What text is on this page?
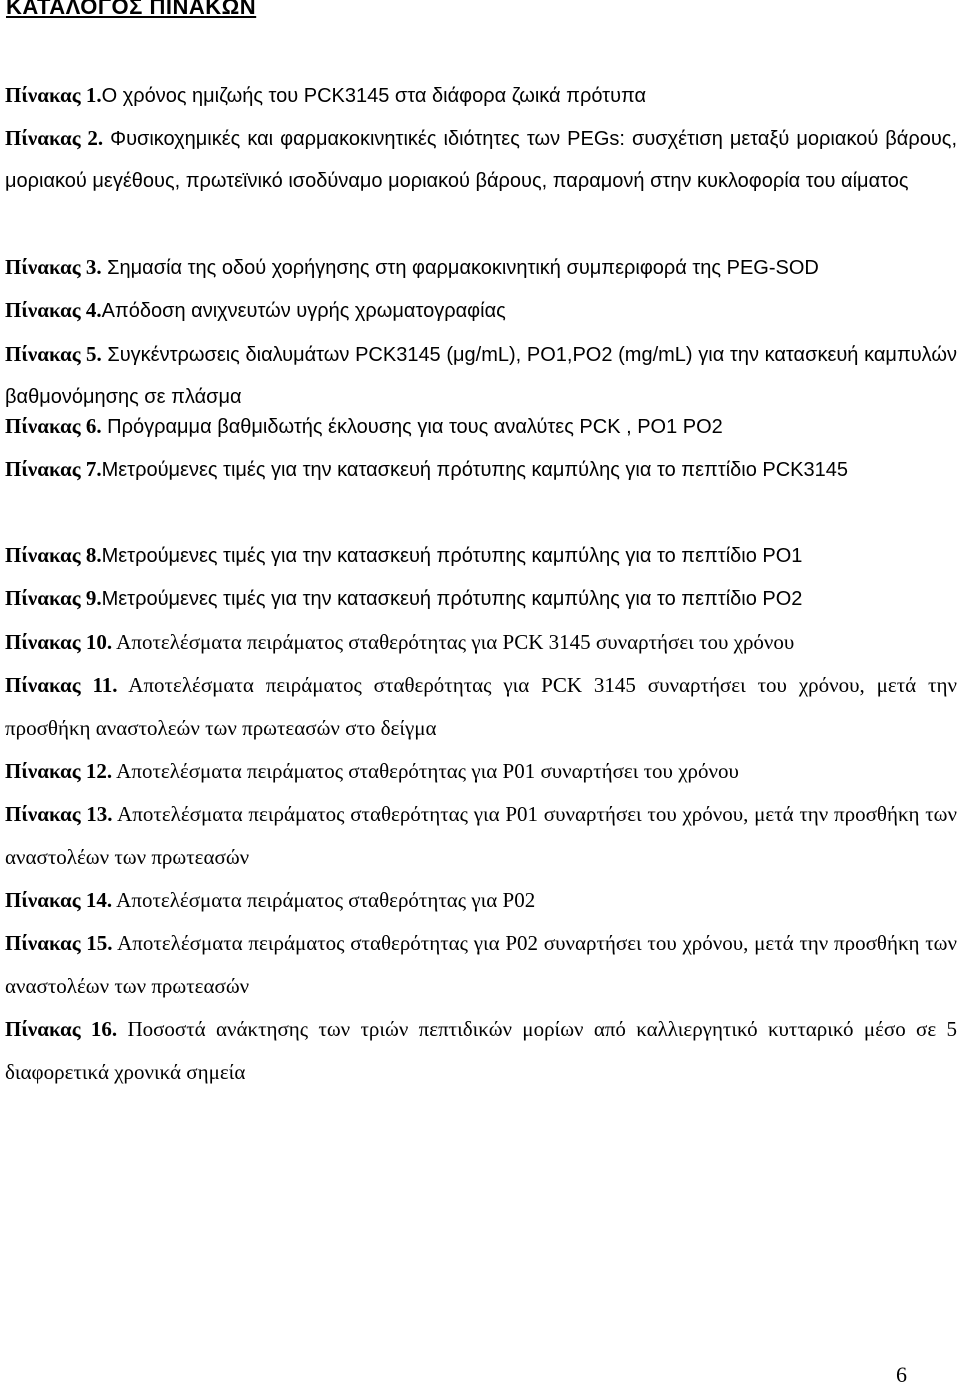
ΚΑΤΑΛΟΓΟΣ ΠΙΝΑΚΩΝ
Πίνακας 1.Ο χρόνος ημιζωής του PCK3145 στα διάφορα ζωικά πρότυπα
Πίνακας 2. Φυσικοχημικές και φαρμακοκινητικές ιδιότητες των PEGs: συσχέτιση μεταξύ μοριακού βάρους, μοριακού μεγέθους, πρωτεϊνικό ισοδύναμο μοριακού βάρους, παραμονή στην κυκλοφορία του αίματος
Πίνακας 3. Σημασία της οδού χορήγησης στη φαρμακοκινητική συμπεριφορά της PEG-SOD
Πίνακας 4.Απόδοση ανιχνευτών υγρής χρωματογραφίας
Πίνακας 5. Συγκέντρωσεις διαλυμάτων PCK3145 (μg/mL), PO1,PO2 (mg/mL) για την κατασκευή καμπυλών βαθμονόμησης σε πλάσμα
Πίνακας 6. Πρόγραμμα βαθμιδωτής έκλουσης για τους αναλύτες PCK , PO1 PO2
Πίνακας 7.Μετρούμενες τιμές για την κατασκευή πρότυπης καμπύλης για το πεπτίδιο PCK3145
Πίνακας 8.Μετρούμενες τιμές για την κατασκευή πρότυπης καμπύλης για το πεπτίδιο PO1
Πίνακας 9.Μετρούμενες τιμές για την κατασκευή πρότυπης καμπύλης για το πεπτίδιο PO2
Πίνακας 10. Αποτελέσματα πειράματος σταθερότητας για PCK 3145 συναρτήσει του χρόνου
Πίνακας 11. Αποτελέσματα πειράματος σταθερότητας για PCK 3145 συναρτήσει του χρόνου, μετά την προσθήκη αναστολεών των πρωτεασών στο δείγμα
Πίνακας 12. Αποτελέσματα πειράματος σταθερότητας για P01 συναρτήσει του χρόνου
Πίνακας 13. Αποτελέσματα πειράματος σταθερότητας για P01 συναρτήσει του χρόνου, μετά την προσθήκη των αναστολέων των πρωτεασών
Πίνακας 14. Αποτελέσματα πειράματος σταθερότητας για P02
Πίνακας 15. Αποτελέσματα πειράματος σταθερότητας για P02 συναρτήσει του χρόνου, μετά την προσθήκη των αναστολέων των πρωτεασών
Πίνακας 16. Ποσοστά ανάκτησης των τριών πεπτιδικών μορίων από καλλιεργητικό κυτταρικό μέσο σε 5 διαφορετικά χρονικά σημεία
6
